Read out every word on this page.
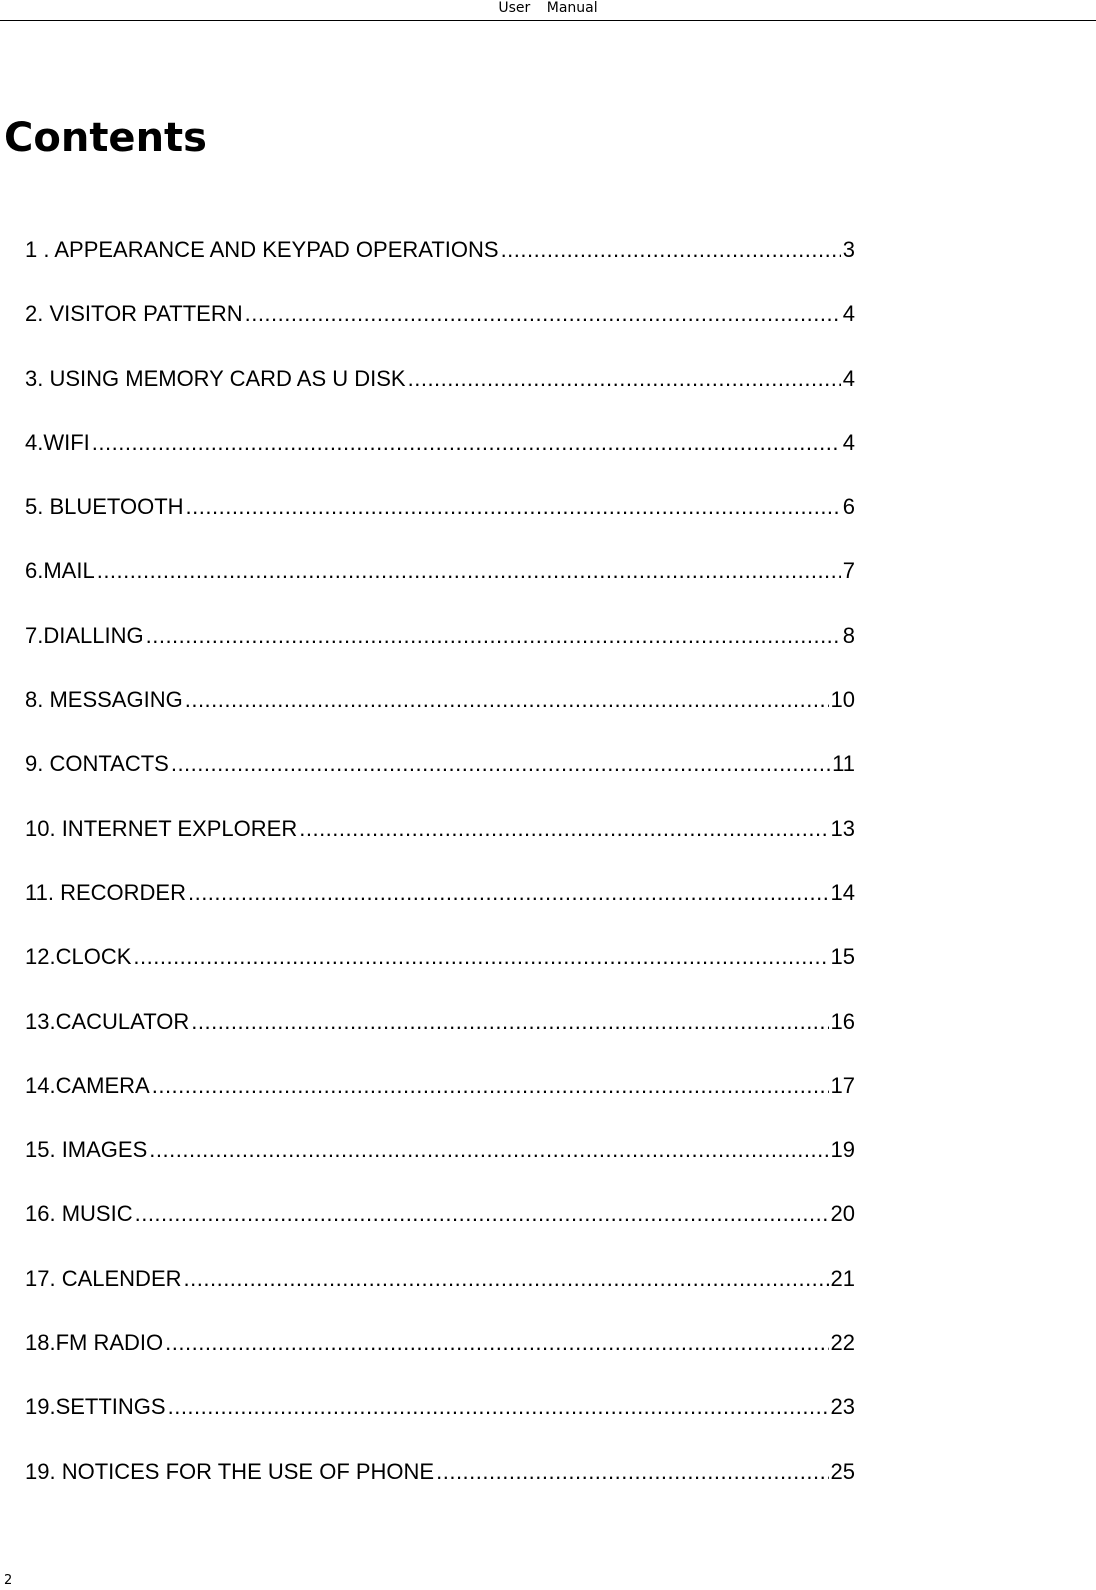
User Manual
Contents
1 . APPEARANCE AND KEYPAD OPERATIONS .....	3
2. VISITOR PATTERN .....	4
3. USING MEMORY CARD AS U DISK .....	4
4.WIFI .....	4
5. BLUETOOTH .....	6
6.MAIL .....	7
7.DIALLING .....	8
8. MESSAGING .....	10
9. CONTACTS .....	11
10. INTERNET EXPLORER .....	13
11. RECORDER .....	14
12.CLOCK .....	15
13.CACULATOR .....	16
14.CAMERA .....	17
15. IMAGES .....	19
16. MUSIC .....	20
17. CALENDER .....	21
18.FM RADIO .....	22
19.SETTINGS .....	23
19. NOTICES FOR THE USE OF PHONE .....	25
2
